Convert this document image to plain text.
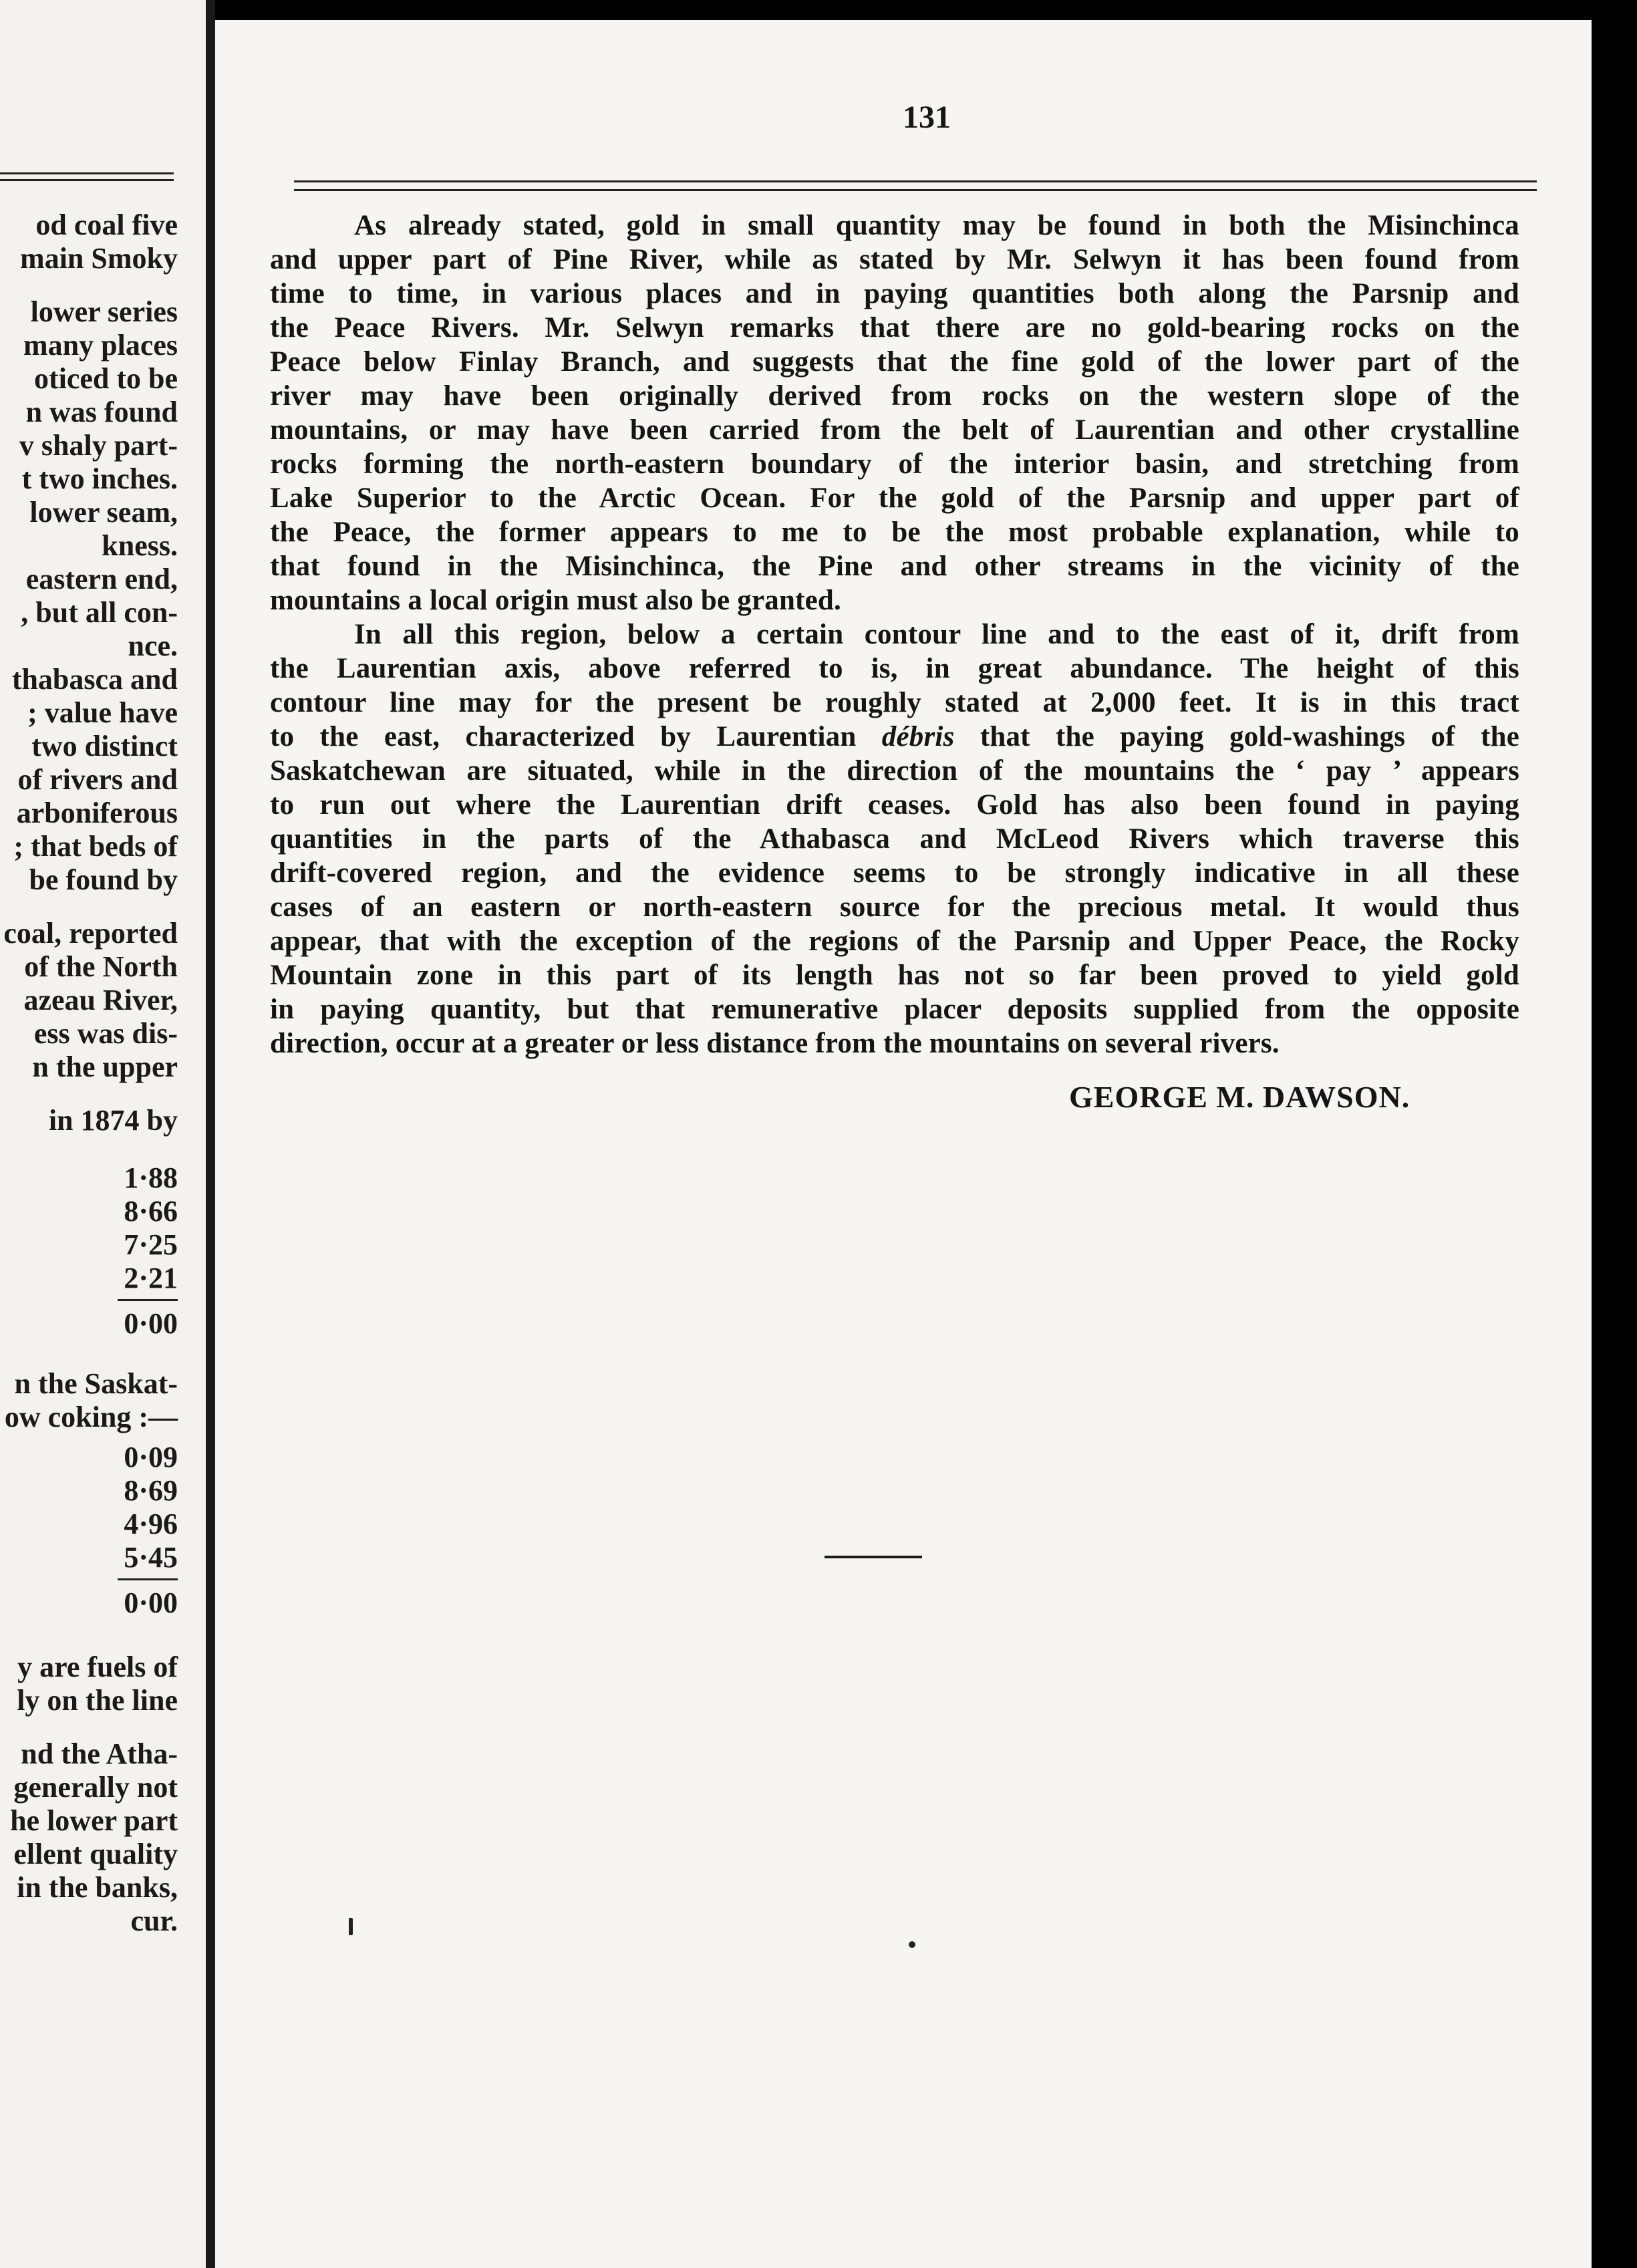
od coal five
main Smoky
lower series
many places
oticed to be
n was found
v shaly part-
t two inches.
lower seam,
kness.
eastern end,
, but all con-
nce.
thabasca and
; value have
two distinct
of rivers and
arboniferous
; that beds of
be found by
coal, reported
of the North
azeau River,
ess was dis-
n the upper
in 1874 by
1·88
8·66
7·25
2·21
0·00
n the Saskat-
ow coking :—
0·09
8·69
4·96
5·45
0·00
y are fuels of
ly on the line
nd the Atha-
generally not
he lower part
ellent quality
in the banks,
cur.
131
As already stated, gold in small quantity may be found in both the Misinchinca
and upper part of Pine River, while as stated by Mr. Selwyn it has been found from
time to time, in various places and in paying quantities both along the Parsnip and
the Peace Rivers. Mr. Selwyn remarks that there are no gold-bearing rocks on the
Peace below Finlay Branch, and suggests that the fine gold of the lower part of the
river may have been originally derived from rocks on the western slope of the
mountains, or may have been carried from the belt of Laurentian and other crystalline
rocks forming the north-eastern boundary of the interior basin, and stretching from
Lake Superior to the Arctic Ocean. For the gold of the Parsnip and upper part of
the Peace, the former appears to me to be the most probable explanation, while to
that found in the Misinchinca, the Pine and other streams in the vicinity of the
mountains a local origin must also be granted.
In all this region, below a certain contour line and to the east of it, drift from
the Laurentian axis, above referred to is, in great abundance. The height of this
contour line may for the present be roughly stated at 2,000 feet. It is in this tract
to the east, characterized by Laurentian débris that the paying gold-washings of the
Saskatchewan are situated, while in the direction of the mountains the ‘ pay ’ appears
to run out where the Laurentian drift ceases. Gold has also been found in paying
quantities in the parts of the Athabasca and McLeod Rivers which traverse this
drift-covered region, and the evidence seems to be strongly indicative in all these
cases of an eastern or north-eastern source for the precious metal. It would thus
appear, that with the exception of the regions of the Parsnip and Upper Peace, the Rocky
Mountain zone in this part of its length has not so far been proved to yield gold
in paying quantity, but that remunerative placer deposits supplied from the opposite
direction, occur at a greater or less distance from the mountains on several rivers.
GEORGE M. DAWSON.
